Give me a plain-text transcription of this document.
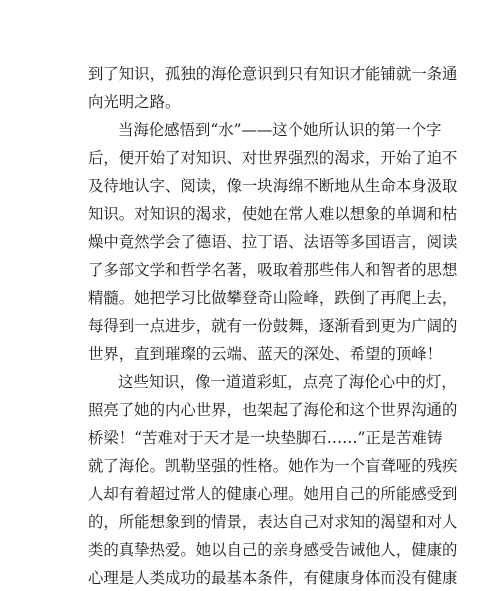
到了知识，孤独的海伦意识到只有知识才能铺就一条通
向光明之路。
当海伦感悟到“水”——这个她所认识的第一个字
后，便开始了对知识、对世界强烈的渴求，开始了迫不
及待地认字、阅读，像一块海绵不断地从生命本身汲取
知识。对知识的渴求，使她在常人难以想象的单调和枯
燥中竟然学会了德语、拉丁语、法语等多国语言，阅读
了多部文学和哲学名著，吸取着那些伟人和智者的思想
精髓。她把学习比做攀登奇山险峰，跌倒了再爬上去，
每得到一点进步，就有一份鼓舞，逐渐看到更为广阔的
世界，直到璀璨的云端、蓝天的深处、希望的顶峰！
这些知识，像一道道彩虹，点亮了海伦心中的灯，
照亮了她的内心世界，也架起了海伦和这个世界沟通的
桥梁！“苦难对于天才是一块垫脚石……”正是苦难铸
就了海伦。凯勒坚强的性格。她作为一个盲聋哑的残疾
人却有着超过常人的健康心理。她用自己的所能感受到
的，所能想象到的情景，表达自己对求知的渴望和对人
类的真挚热爱。她以自己的亲身感受告诫他人，健康的
心理是人类成功的最基本条件，有健康身体而没有健康
